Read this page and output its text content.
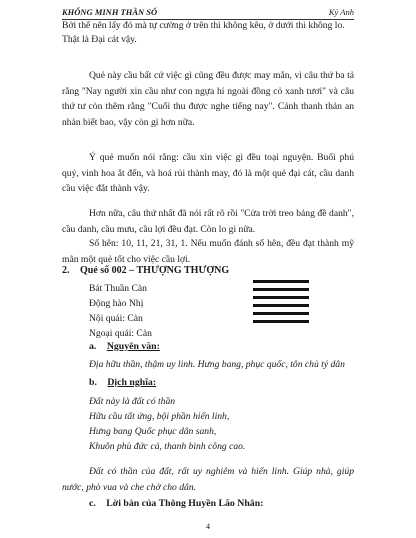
KHỔNG MINH THẦN SỐ	Kỷ Anh
Bởi thế nên lấy đó mà tự cường ở trên thì không kêu, ở dưới thì không lo.
Thật là Đại cát vậy.

Quẻ này cầu bất cứ việc gì cũng đều được may mắn, vì câu thứ ba tả rằng "Nay người xin cầu như con ngựa hí ngoài đồng cỏ xanh tươi" và câu thứ tư còn thêm rằng "Cuối thu được nghe tiếng nay". Cảnh thanh thản an nhàn biết bao, vậy còn gì hơn nữa.

Ý quẻ muốn nói rằng: cầu xin việc gì đều toại nguyện. Buổi phú quý, vinh hoa ắt đến, và hoá rủi thành may, đó là một quẻ đại cát, cầu danh cầu việc đắt thành vậy.

Hơn nữa, câu thứ nhất đã nói rất rõ rồi "Cửa trời treo bảng đề danh", cầu danh, cầu mưu, cầu lợi đều đạt. Còn lo gì nữa.

Số hên: 10, 11, 21, 31, 1. Nếu muốn đánh số hên, đều đạt thành mỹ mãn một quẻ tốt cho việc cầu lợi.

2. Quẻ số 002 – THƯỢNG THƯỢNG
Bát Thuần Càn
Động hào Nhị
Nội quái: Càn
Ngoại quái: Càn
a. Nguyên văn:
Địa hữu thần, thậm uy linh. Hưng bang, phục quốc, tôn chủ tý dân
b. Dịch nghĩa:
Đất này là đất có thần
Hữu cầu tất ứng, bội phần hiển linh,
Hưng bang Quốc phục dân sanh,
Khuôn phù đức cả, thanh bình công cao.

Đất có thần của đất, rất uy nghiêm và hiển linh. Giúp nhà, giúp nước, phò vua và che chở cho dân.

c. Lời bàn của Thông Huyền Lão Nhân:
4
